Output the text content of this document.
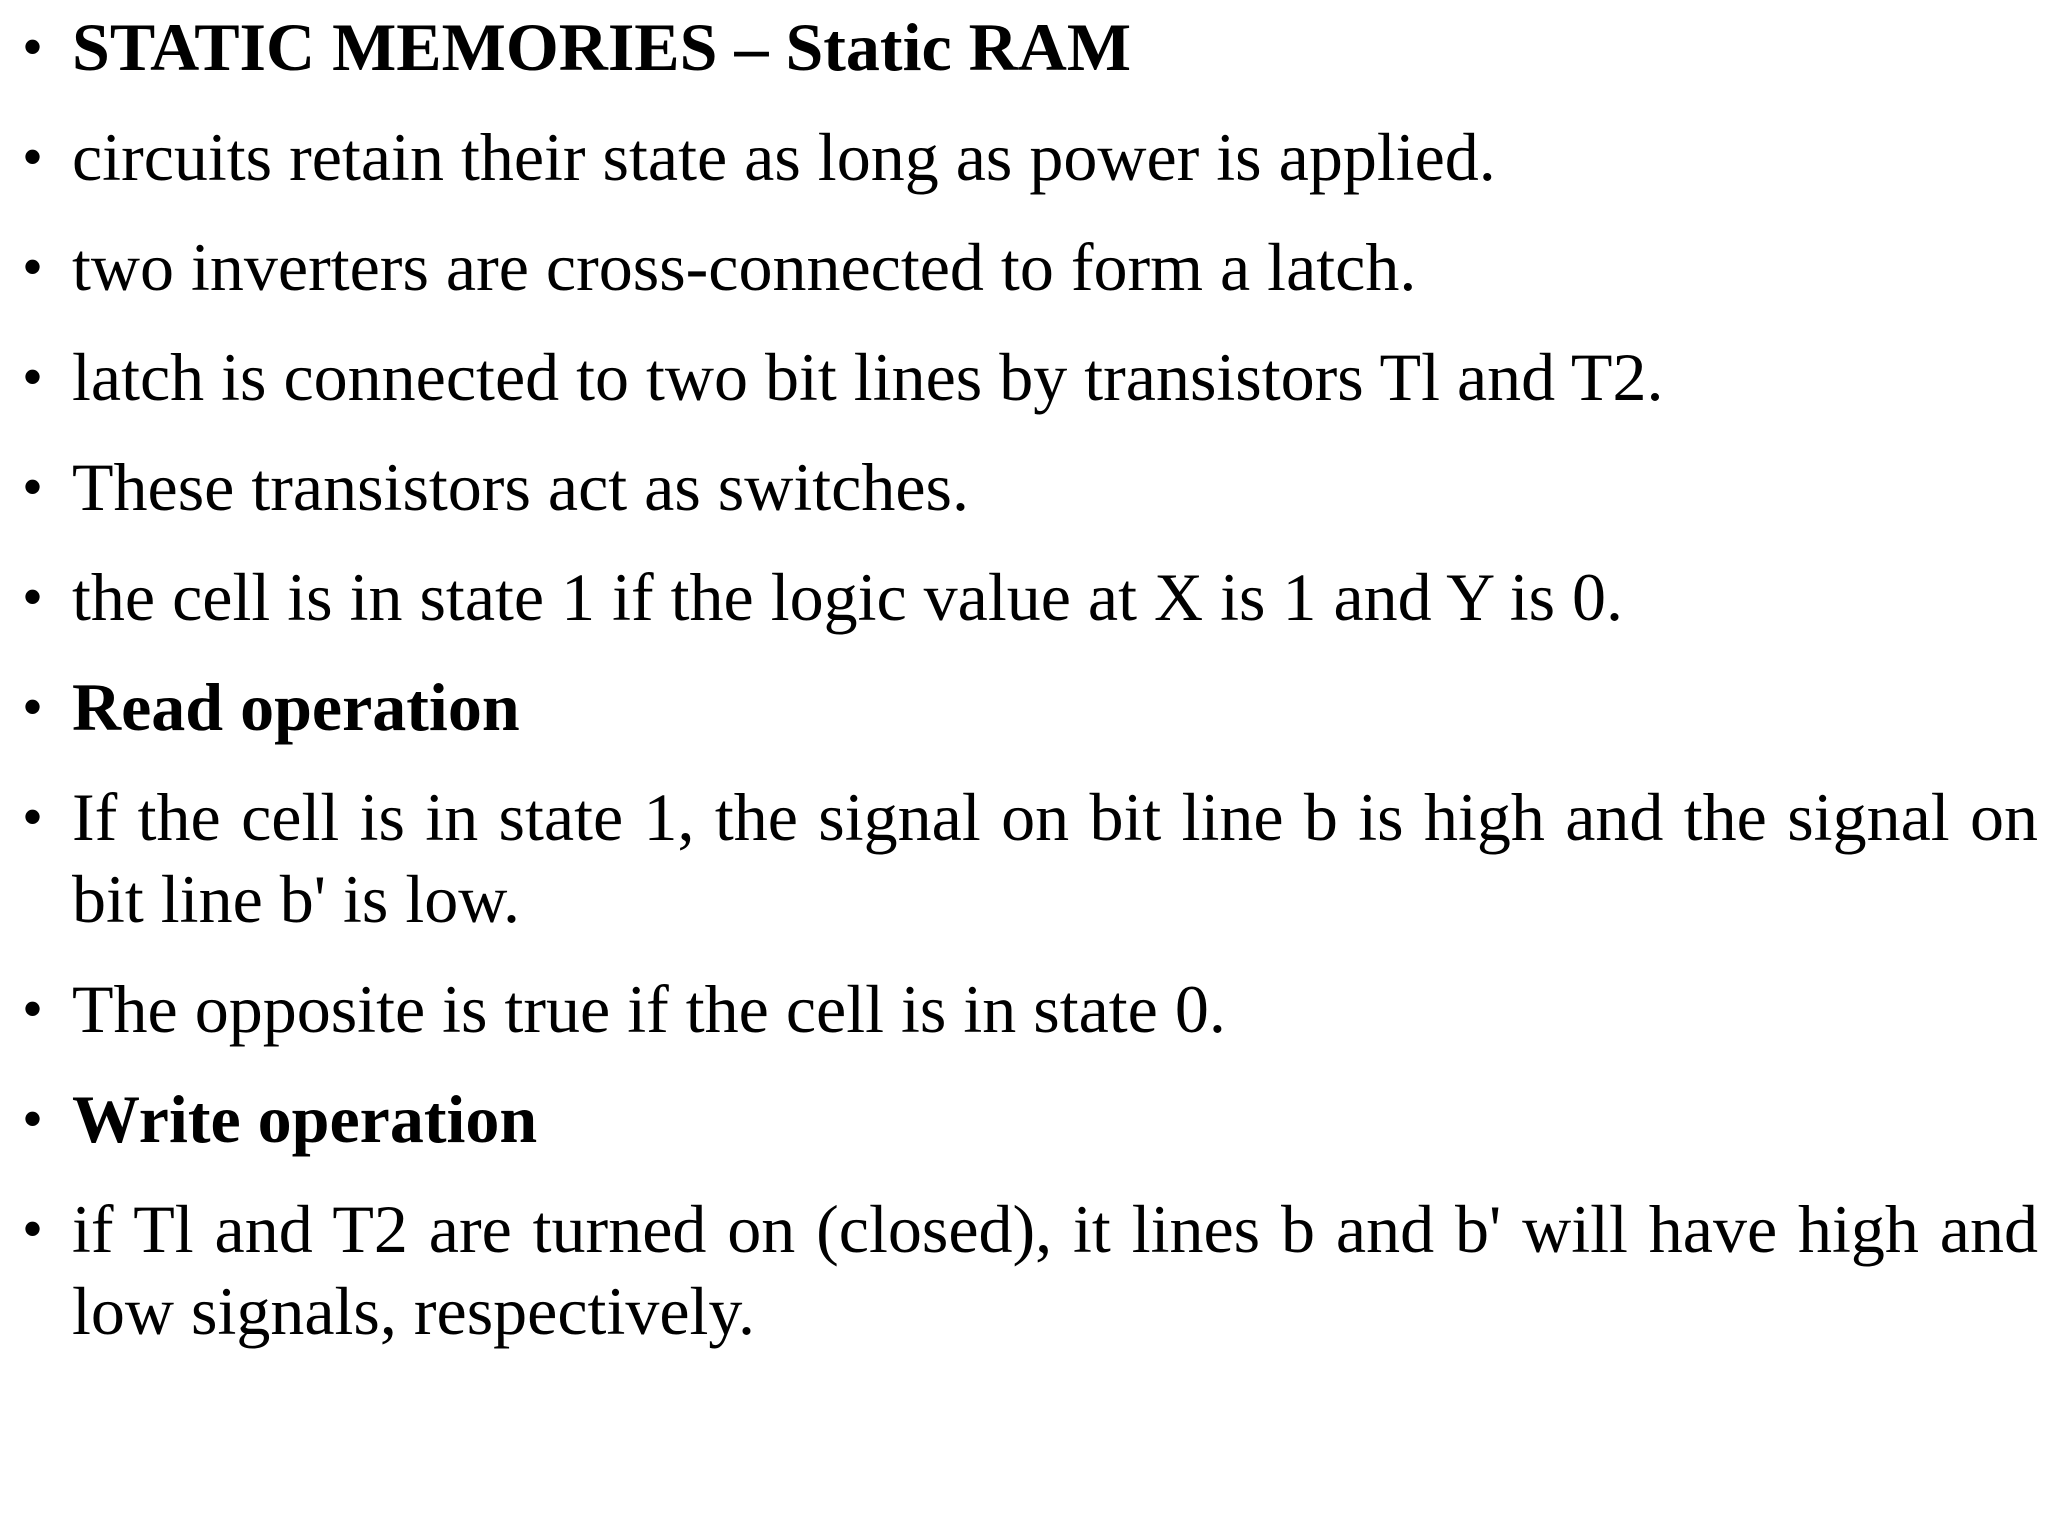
• STATIC MEMORIES – Static RAM
• circuits retain their state as long as power is applied.
• two inverters are cross-connected to form a latch.
• latch is connected to two bit lines by transistors Tl and T2.
• These transistors act as switches.
• the cell is in state 1 if the logic value at X is 1 and Y is 0.
• Read operation
• If the cell is in state 1, the signal on bit line b is high and the signal on bit line b' is low.
• The opposite is true if the cell is in state 0.
• Write operation
• if Tl and T2 are turned on (closed), it lines b and b' will have high and low signals, respectively.
